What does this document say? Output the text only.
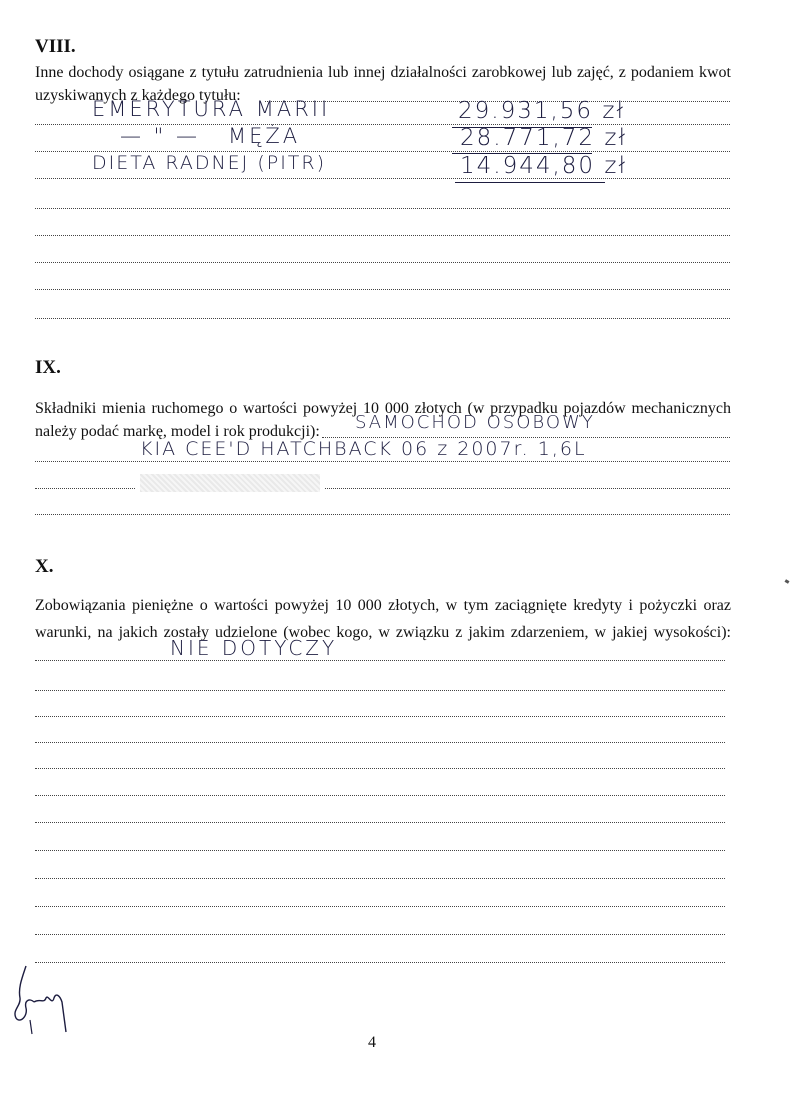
VIII.
Inne dochody osiągane z tytułu zatrudnienia lub innej działalności zarobkowej lub zajęć, z podaniem kwot
uzyskiwanych z każdego tytułu:
EMERYTURA MARII	29.931,56 zł
— " — MĘŻA	28.771,72 zł
DIETA RADNEJ (PITR)	14.944,80 zł
IX.
Składniki mienia ruchomego o wartości powyżej 10 000 złotych (w przypadku pojazdów mechanicznych
należy podać markę, model i rok produkcji): SAMOCHÓD OSOBOWY
KIA CEE'D HATCHBACK 06 z 2007r. 1,6L
X.
Zobowiązania pieniężne o wartości powyżej 10 000 złotych, w tym zaciągnięte kredyty i pożyczki oraz
warunki, na jakich zostały udzielone (wobec kogo, w związku z jakim zdarzeniem, w jakiej wysokości):
NIE DOTYCZY
4
